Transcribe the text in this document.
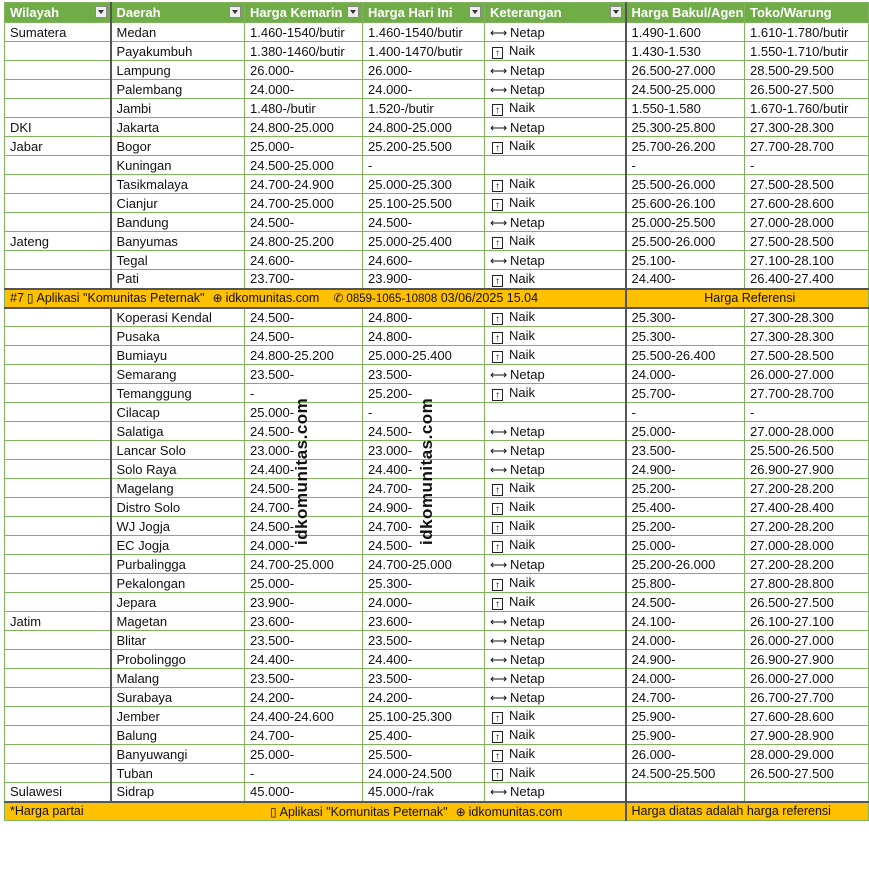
Wilayah	Daerah	Harga Kemarin	Harga Hari Ini	Keterangan	Harga Bakul/Agen	Toko/Warung
Sumatera	Medan	1.460-1540/butir	1.460-1540/butir	⟷ Netap	1.490-1.600	1.610-1.780/butir
	Payakumbuh	1.380-1460/butir	1.400-1470/butir	↑ Naik	1.430-1.530	1.550-1.710/butir
	Lampung	26.000-	26.000-	⟷ Netap	26.500-27.000	28.500-29.500
	Palembang	24.000-	24.000-	⟷ Netap	24.500-25.000	26.500-27.500
	Jambi	1.480-/butir	1.520-/butir	↑ Naik	1.550-1.580	1.670-1.760/butir
DKI	Jakarta	24.800-25.000	24.800-25.000	⟷ Netap	25.300-25.800	27.300-28.300
Jabar	Bogor	25.000-	25.200-25.500	↑ Naik	25.700-26.200	27.700-28.700
	Kuningan	24.500-25.000	-		-	-
	Tasikmalaya	24.700-24.900	25.000-25.300	↑ Naik	25.500-26.000	27.500-28.500
	Cianjur	24.700-25.000	25.100-25.500	↑ Naik	25.600-26.100	27.600-28.600
	Bandung	24.500-	24.500-	⟷ Netap	25.000-25.500	27.000-28.000
Jateng	Banyumas	24.800-25.200	25.000-25.400	↑ Naik	25.500-26.000	27.500-28.500
	Tegal	24.600-	24.600-	⟷ Netap	25.100-	27.100-28.100
	Pati	23.700-	23.900-	↑ Naik	24.400-	26.400-27.400
#7 ▯ Aplikasi "Komunitas Peternak" ⊕ idkomunitas.com ✆ 0859-1065-10808 03/06/2025 15.04					Harga Referensi	
	Koperasi Kendal	24.500-	24.800-	↑ Naik	25.300-	27.300-28.300
	Pusaka	24.500-	24.800-	↑ Naik	25.300-	27.300-28.300
	Bumiayu	24.800-25.200	25.000-25.400	↑ Naik	25.500-26.400	27.500-28.500
	Semarang	23.500-	23.500-	⟷ Netap	24.000-	26.000-27.000
	Temanggung	-	25.200-	↑ Naik	25.700-	27.700-28.700
	Cilacap	25.000-	-		-	-
	Salatiga	24.500-	24.500-	⟷ Netap	25.000-	27.000-28.000
	Lancar Solo	23.000-	23.000-	⟷ Netap	23.500-	25.500-26.500
	Solo Raya	24.400-	24.400-	⟷ Netap	24.900-	26.900-27.900
	Magelang	24.500-	24.700-	↑ Naik	25.200-	27.200-28.200
	Distro Solo	24.700-	24.900-	↑ Naik	25.400-	27.400-28.400
	WJ Jogja	24.500-	24.700-	↑ Naik	25.200-	27.200-28.200
	EC Jogja	24.000-	24.500-	↑ Naik	25.000-	27.000-28.000
	Purbalingga	24.700-25.000	24.700-25.000	⟷ Netap	25.200-26.000	27.200-28.200
	Pekalongan	25.000-	25.300-	↑ Naik	25.800-	27.800-28.800
	Jepara	23.900-	24.000-	↑ Naik	24.500-	26.500-27.500
Jatim	Magetan	23.600-	23.600-	⟷ Netap	24.100-	26.100-27.100
	Blitar	23.500-	23.500-	⟷ Netap	24.000-	26.000-27.000
	Probolinggo	24.400-	24.400-	⟷ Netap	24.900-	26.900-27.900
	Malang	23.500-	23.500-	⟷ Netap	24.000-	26.000-27.000
	Surabaya	24.200-	24.200-	⟷ Netap	24.700-	26.700-27.700
	Jember	24.400-24.600	25.100-25.300	↑ Naik	25.900-	27.600-28.600
	Balung	24.700-	25.400-	↑ Naik	25.900-	27.900-28.900
	Banyuwangi	25.000-	25.500-	↑ Naik	26.000-	28.000-29.000
	Tuban	-	24.000-24.500	↑ Naik	24.500-25.500	26.500-27.500
Sulawesi	Sidrap	45.000-	45.000-/rak	⟷ Netap		
*Harga partai ▯ Aplikasi "Komunitas Peternak" ⊕ idkomunitas.com					Harga diatas adalah harga referensi	
idkomunitas.com	idkomunitas.com
